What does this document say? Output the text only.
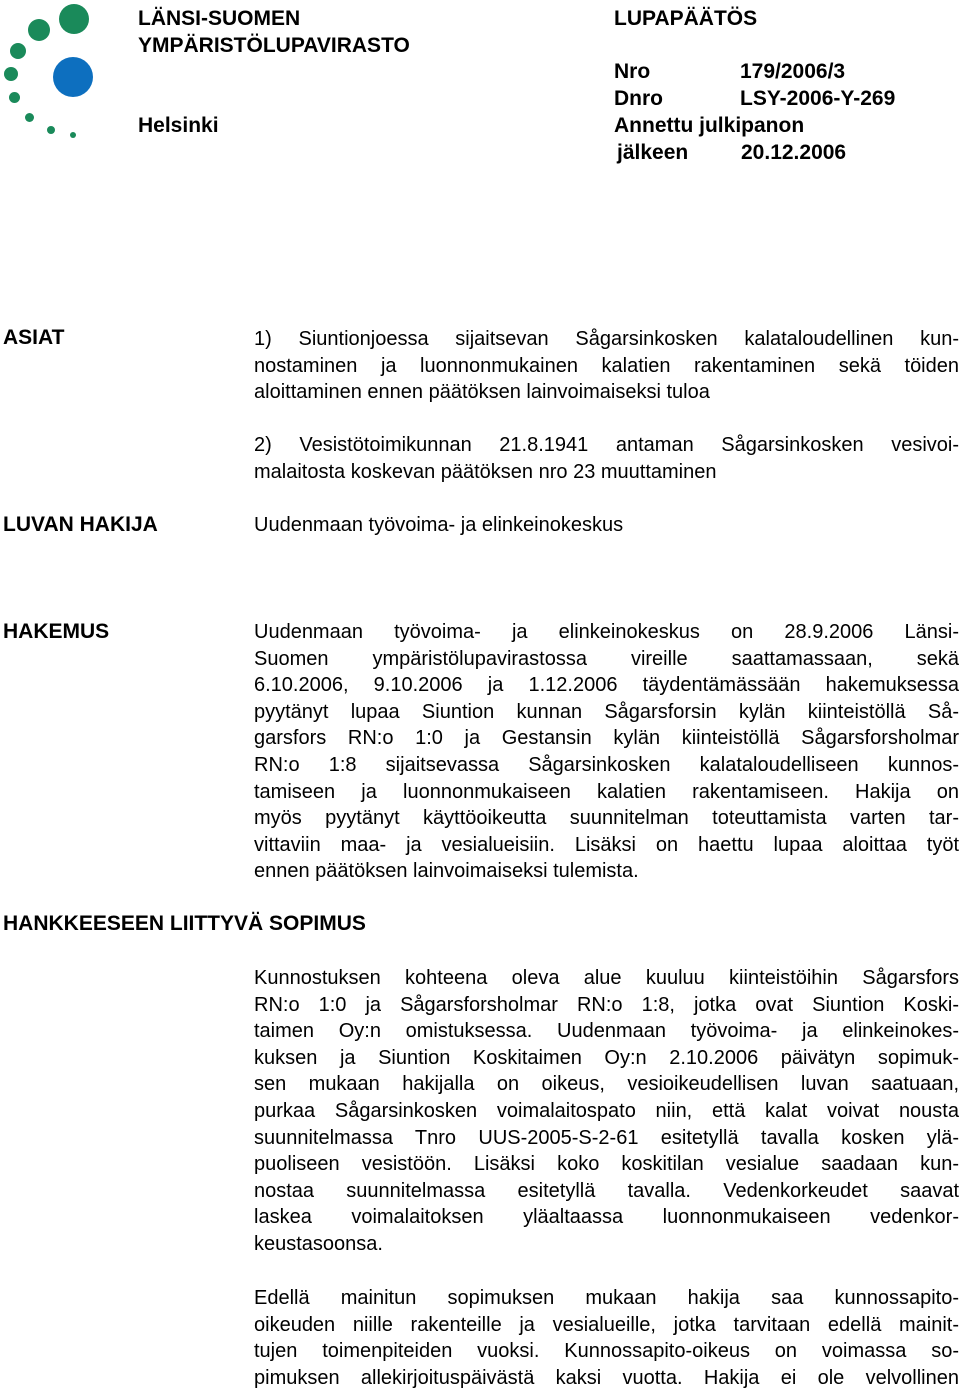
LÄNSI-SUOMEN
YMPÄRISTÖLUPAVIRASTO
Helsinki
LUPAPÄÄTÖS
Nro	179/2006/3
Dnro	LSY-2006-Y-269
Annettu julkipanon
jälkeen	20.12.2006
ASIAT	1) Siuntionjoessa sijaitsevan Sågarsinkosken kalataloudellinen kun-
nostaminen ja luonnonmukainen kalatien rakentaminen sekä töiden
aloittaminen ennen päätöksen lainvoimaiseksi tuloa
2) Vesistötoimikunnan 21.8.1941 antaman Sågarsinkosken vesivoi-
malaitosta koskevan päätöksen nro 23 muuttaminen
LUVAN HAKIJA	Uudenmaan työvoima- ja elinkeinokeskus
HAKEMUS	Uudenmaan työvoima- ja elinkeinokeskus on 28.9.2006 Länsi-
Suomen ympäristölupavirastossa vireille saattamassaan, sekä
6.10.2006, 9.10.2006 ja 1.12.2006 täydentämässään hakemuksessa
pyytänyt lupaa Siuntion kunnan Sågarsforsin kylän kiinteistöllä Så-
garsfors RN:o 1:0 ja Gestansin kylän kiinteistöllä Sågarsforsholmar
RN:o 1:8 sijaitsevassa Sågarsinkosken kalataloudelliseen kunnos-
tamiseen ja luonnonmukaiseen kalatien rakentamiseen. Hakija on
myös pyytänyt käyttöoikeutta suunnitelman toteuttamista varten tar-
vittaviin maa- ja vesialueisiin. Lisäksi on haettu lupaa aloittaa työt
ennen päätöksen lainvoimaiseksi tulemista.
HANKKEESEEN LIITTYVÄ SOPIMUS
Kunnostuksen kohteena oleva alue kuuluu kiinteistöihin Sågarsfors
RN:o 1:0 ja Sågarsforsholmar RN:o 1:8, jotka ovat Siuntion Koski-
taimen Oy:n omistuksessa. Uudenmaan työvoima- ja elinkeinokes-
kuksen ja Siuntion Koskitaimen Oy:n 2.10.2006 päivätyn sopimuk-
sen mukaan hakijalla on oikeus, vesioikeudellisen luvan saatuaan,
purkaa Sågarsinkosken voimalaitospato niin, että kalat voivat nousta
suunnitelmassa Tnro UUS-2005-S-2-61 esitetyllä tavalla kosken ylä-
puoliseen vesistöön. Lisäksi koko koskitilan vesialue saadaan kun-
nostaa suunnitelmassa esitetyllä tavalla. Vedenkorkeudet saavat
laskea voimalaitoksen yläaltaassa luonnonmukaiseen vedenkor-
keustasoonsa.
Edellä mainitun sopimuksen mukaan hakija saa kunnossapito-
oikeuden niille rakenteille ja vesialueille, jotka tarvitaan edellä mainit-
tujen toimenpiteiden vuoksi. Kunnossapito-oikeus on voimassa so-
pimuksen allekirjoituspäivästä kaksi vuotta. Hakija ei ole velvollinen
